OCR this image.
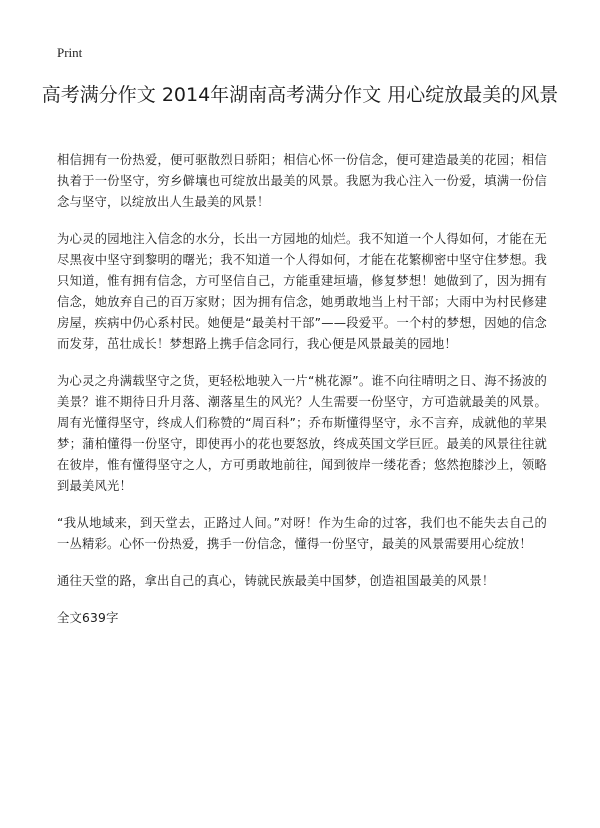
Print
高考满分作文 2014年湖南高考满分作文 用心绽放最美的风景

相信拥有一份热爱，便可驱散烈日骄阳；相信心怀一份信念，便可建造最美的花园；相信执着于一份坚守，穷乡僻壤也可绽放出最美的风景。我愿为我心注入一份爱，填满一份信念与坚守，以绽放出人生最美的风景！

为心灵的园地注入信念的水分，长出一方园地的灿烂。我不知道一个人得如何，才能在无尽黑夜中坚守到黎明的曙光；我不知道一个人得如何，才能在花繁柳密中坚守住梦想。我只知道，惟有拥有信念，方可坚信自己，方能重建垣墙，修复梦想！她做到了，因为拥有信念，她放弃自己的百万家财；因为拥有信念，她勇敢地当上村干部；大雨中为村民修建房屋，疾病中仍心系村民。她便是“最美村干部”——段爱平。一个村的梦想，因她的信念而发芽，茁壮成长！梦想路上携手信念同行，我心便是风景最美的园地！

为心灵之舟满载坚守之货，更轻松地驶入一片“桃花源”。谁不向往晴明之日、海不扬波的美景？谁不期待日升月落、潮落星生的风光？人生需要一份坚守，方可造就最美的风景。周有光懂得坚守，终成人们称赞的“周百科”；乔布斯懂得坚守，永不言弃，成就他的苹果梦；蒲柏懂得一份坚守，即使再小的花也要怒放，终成英国文学巨匠。最美的风景往往就在彼岸，惟有懂得坚守之人，方可勇敢地前往，闻到彼岸一缕花香；悠然抱膝沙上，领略到最美风光！

“我从地域来，到天堂去，正路过人间。”对呀！作为生命的过客，我们也不能失去自己的一丛精彩。心怀一份热爱，携手一份信念，懂得一份坚守，最美的风景需要用心绽放！

通往天堂的路，拿出自己的真心，铸就民族最美中国梦，创造祖国最美的风景！

全文639字
